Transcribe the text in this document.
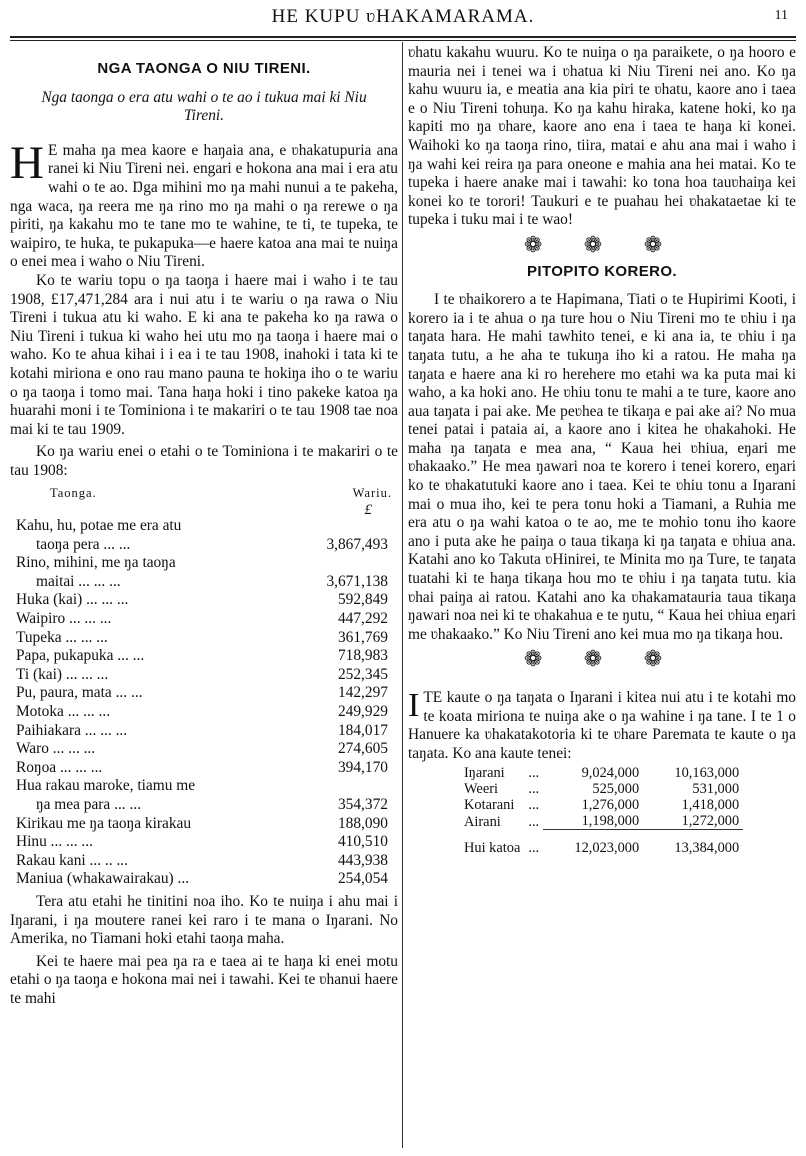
HE KUPU ʋHAKAMARAMA.	11
NGA TAONGA O NIU TIRENI.

Nga taonga o era atu wahi o te ao i tukua mai ki Niu Tireni.

H E maha ŋa mea kaore e haŋaia ana, e ʋhakatupuria ana ranei ki Niu Tireni nei. engari e hokona ana mai i era atu wahi o te ao. Ŋga mihini mo ŋa mahi nunui a te pakeha, nga waca, ŋa reera me ŋa rino mo ŋa mahi o ŋa rerewe o ŋa piriti, ŋa kakahu mo te tane mo te wahine, te ti, te tupeka, te waipiro, te huka, te pukapuka—e haere katoa ana mai te nuiŋa o enei mea i waho o Niu Tireni.

Ko te wariu topu o ŋa taoŋa i haere mai i waho i te tau 1908, £17,471,284 ara i nui atu i te wariu o ŋa rawa o Niu Tireni i tukua atu ki waho. E ki ana te pakeha ko ŋa rawa o Niu Tireni i tukua ki waho hei utu mo ŋa taoŋa i haere mai o waho. Ko te ahua kihai i i ea i te tau 1908, inahoki i tata ki te kotahi miriona e ono rau mano pauna te hokiŋa iho o te wariu o ŋa taoŋa i tomo mai. Tana haŋa hoki i tino pakeke katoa ŋa huarahi moni i te Tominiona i te makariri o te tau 1908 tae noa mai ki te tau 1909.

Ko ŋa wariu enei o etahi o te Tominiona i te makariri o te tau 1908:

Taonga.	Wariu.
£
Kahu, hu, potae me era atu	
taoŋa pera ... ...	3,867,493
Rino, mihini, me ŋa taoŋa	
maitai ... ... ...	3,671,138
Huka (kai) ... ... ...	592,849
Waipiro ... ... ...	447,292
Tupeka ... ... ...	361,769
Papa, pukapuka ... ...	718,983
Ti (kai) ... ... ...	252,345
Pu, paura, mata ... ...	142,297
Motoka ... ... ...	249,929
Paihiakara ... ... ...	184,017
Waro ... ... ...	274,605
Roŋoa ... ... ...	394,170
Hua rakau maroke, tiamu me	
ŋa mea para ... ...	354,372
Kirikau me ŋa taoŋa kirakau	188,090
Hinu ... ... ...	410,510
Rakau kani ... .. ...	443,938
Maniua (whakawairakau) ...	254,054

Tera atu etahi he tinitini noa iho. Ko te nuiŋa i ahu mai i Iŋarani, i ŋa moutere ranei kei raro i te mana o Iŋarani. No Amerika, no Tiamani hoki etahi taoŋa maha.

Kei te haere mai pea ŋa ra e taea ai te haŋa ki enei motu etahi o ŋa taoŋa e hokona mai nei i tawahi. Kei te ʋhanui haere te mahi

ʋhatu kakahu wuuru. Ko te nuiŋa o ŋa paraikete, o ŋa hooro e mauria nei i tenei wa i ʋhatua ki Niu Tireni nei ano. Ko ŋa kahu wuuru ia, e meatia ana kia piri te ʋhatu, kaore ano i taea e o Niu Tireni tohuŋa. Ko ŋa kahu hiraka, katene hoki, ko ŋa kapiti mo ŋa ʋhare, kaore ano ena i taea te haŋa ki konei. Waihoki ko ŋa taoŋa rino, tiira, matai e ahu ana mai i waho i ŋa wahi kei reira ŋa para oneone e mahia ana hei matai. Ko te tupeka i haere anake mai i tawahi: ko tona hoa tauʋhaiŋa kei konei ko te torori! Taukuri e te puahau hei ʋhakataetae ki te tupeka i tuku mai i te wao!

❁ ❁ ❁
PITOPITO KORERO.

I te ʋhaikorero a te Hapimana, Tiati o te Hupirimi Kooti, i korero ia i te ahua o ŋa ture hou o Niu Tireni mo te ʋhiu i ŋa taŋata hara. He mahi tawhito tenei, e ki ana ia, te ʋhiu i ŋa taŋata tutu, a he aha te tukuŋa iho ki a ratou. He maha ŋa taŋata e haere ana ki ro herehere mo etahi wa ka puta mai ki waho, a ka hoki ano. He ʋhiu tonu te mahi a te ture, kaore ano aua taŋata i pai ake. Me peʋhea te tikaŋa e pai ake ai? No mua tenei patai i pataia ai, a kaore ano i kitea he ʋhakahoki. He maha ŋa taŋata e mea ana, “ Kaua hei ʋhiua, eŋari me ʋhakaako.” He mea ŋawari noa te korero i tenei korero, eŋari ko te ʋhakatutuki kaore ano i taea. Kei te ʋhiu tonu a Iŋarani mai o mua iho, kei te pera tonu hoki a Tiamani, a Ruhia me era atu o ŋa wahi katoa o te ao, me te mohio tonu iho kaore ano i puta ake he paiŋa o taua tikaŋa ki ŋa taŋata e ʋhiua ana. Katahi ano ko Takuta ʋHinirei, te Minita mo ŋa Ture, te taŋata tuatahi ki te haŋa tikaŋa hou mo te ʋhiu i ŋa taŋata tutu. kia ʋhai paiŋa ai ratou. Katahi ano ka ʋhakamatauria taua tikaŋa ŋawari noa nei ki te ʋhakahua e te ŋutu, “ Kaua hei ʋhiua eŋari me ʋhakaako.” Ko Niu Tireni ano kei mua mo ŋa tikaŋa hou.

❁ ❁ ❁

ITE kaute o ŋa taŋata o Iŋarani i kitea nui atu i te kotahi mo te koata miriona te nuiŋa ake o ŋa wahine i ŋa tane. I te 1 o Hanuere ka ʋhakatakotoria ki te ʋhare Paremata te kaute o ŋa taŋata. Ko ana kaute tenei:

Iŋarani	...	9,024,000	10,163,000
Weeri	...	525,000	531,000
Kotarani	...	1,276,000	1,418,000
Airani	...	1,198,000	1,272,000
Hui katoa	...	12,023,000	13,384,000
